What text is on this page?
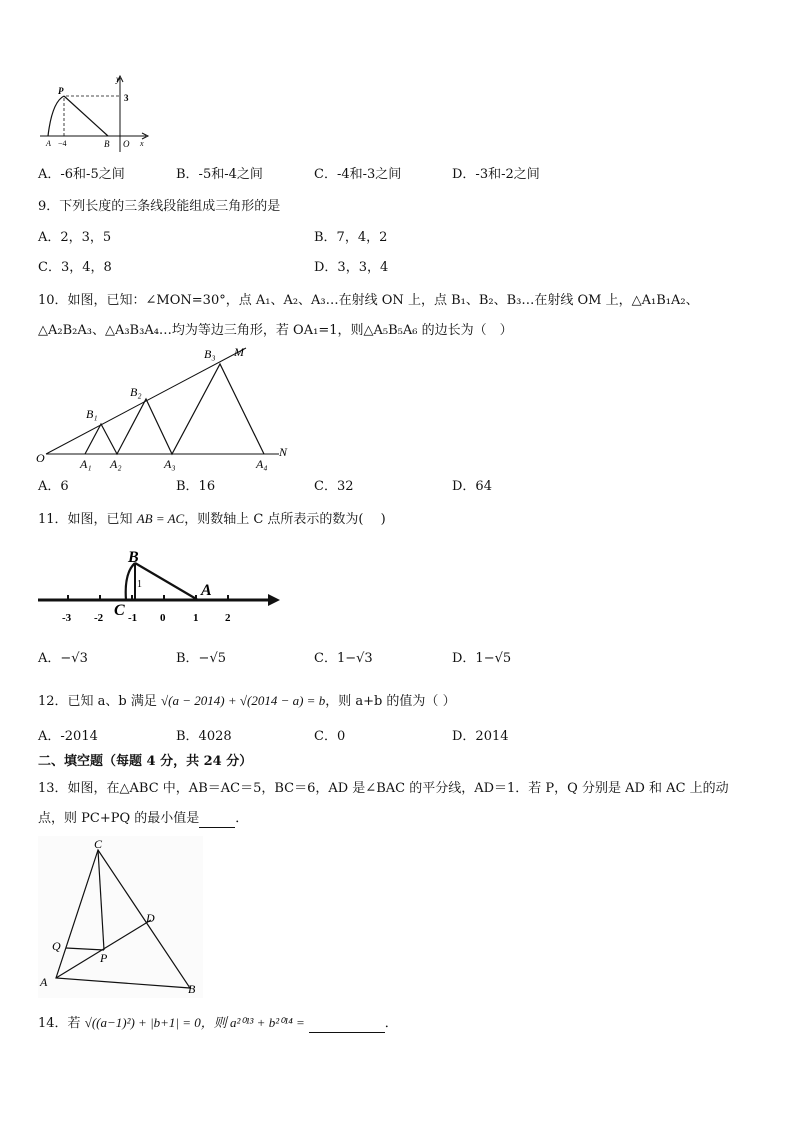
y
P
3
A −4	B O x
A．-6和-5之间	B．-5和-4之间	C．-4和-3之间	D．-3和-2之间
9．下列长度的三条线段能组成三角形的是
A．2，3，5	B．7，4，2
C．3，4，8	D．3，3，4
10．如图，已知：∠MON=30°，点 A₁、A₂、A₃…在射线 ON 上，点 B₁、B₂、B₃…在射线 OM 上，△A₁B₁A₂、
△A₂B₂A₃、△A₃B₃A₄…均为等边三角形，若 OA₁=1，则△A₅B₅A₆ 的边长为（　）
O	A₁ A₂	A₃	A₄
N
B₁
B₂
B₃ M
A．6	B．16	C．32	D．64
11．如图，已知 AB = AC，则数轴上 C 点所表示的数为(　 )
B
A
C
1
-3 -2 -1 0	1 2
A．−√3	B．−√5	C．1−√3	D．1−√5
12．已知 a、b 满足 √(a − 2014) + √(2014 − a) = b，则 a+b 的值为（ ）
A．-2014	B．4028	C．0	D．2014
二、填空题（每题 4 分，共 24 分）
13．如图，在△ABC 中，AB＝AC＝5，BC＝6，AD 是∠BAC 的平分线，AD＝1．若 P，Q 分别是 AD 和 AC 上的动
点，则 PC+PQ 的最小值是	．
C
D
Q
P
A	B
14．若 √((a−1)²) + |b+1| = 0，则 a²⁰¹³ + b²⁰¹⁴ =	．
